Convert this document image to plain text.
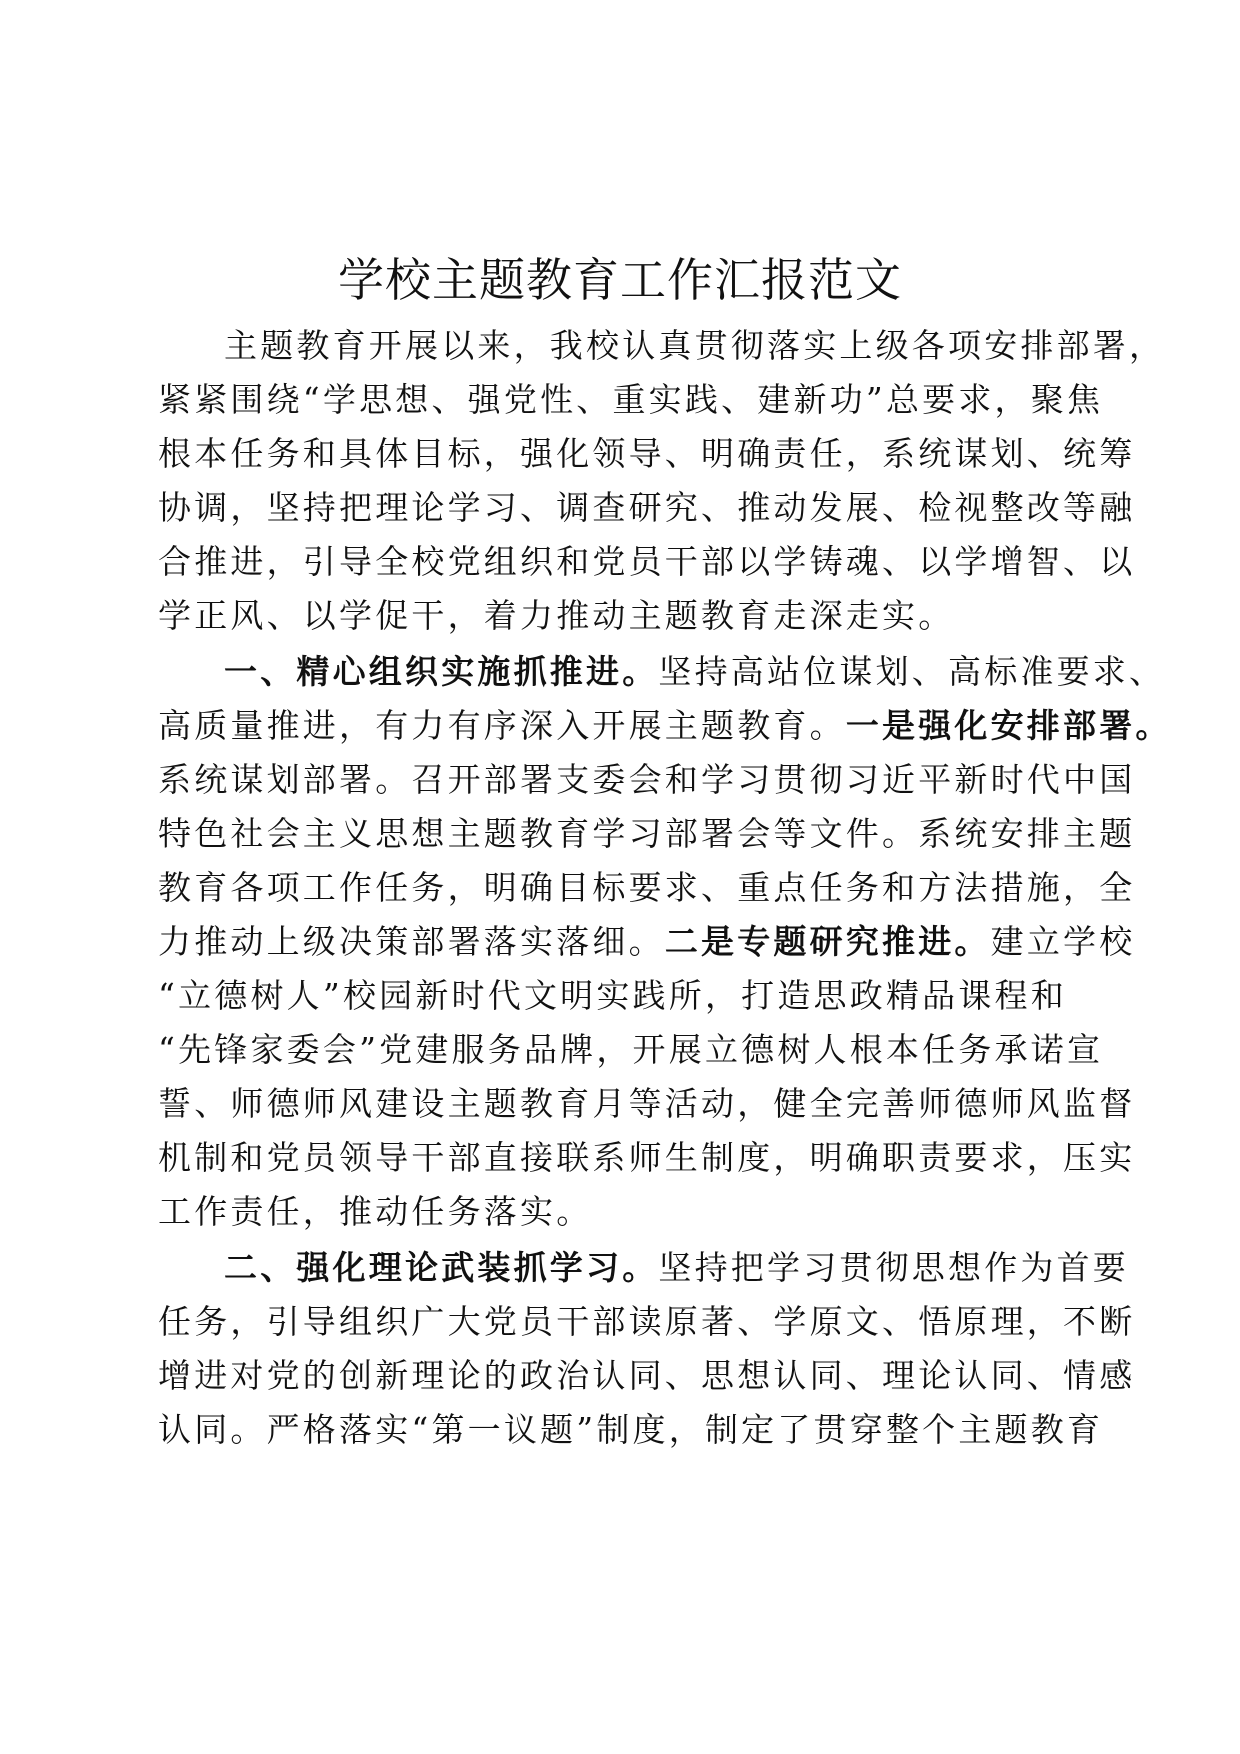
学校主题教育工作汇报范文

主题教育开展以来，我校认真贯彻落实上级各项安排部署，

紧紧围绕“学思想、强党性、重实践、建新功”总要求，聚焦

根本任务和具体目标，强化领导、明确责任，系统谋划、统筹

协调，坚持把理论学习、调查研究、推动发展、检视整改等融

合推进，引导全校党组织和党员干部以学铸魂、以学增智、以

学正风、以学促干，着力推动主题教育走深走实。

一、精心组织实施抓推进。坚持高站位谋划、高标准要求、

高质量推进，有力有序深入开展主题教育。一是强化安排部署。

系统谋划部署。召开部署支委会和学习贯彻习近平新时代中国

特色社会主义思想主题教育学习部署会等文件。系统安排主题

教育各项工作任务，明确目标要求、重点任务和方法措施，全

力推动上级决策部署落实落细。二是专题研究推进。建立学校

“立德树人”校园新时代文明实践所，打造思政精品课程和

“先锋家委会”党建服务品牌，开展立德树人根本任务承诺宣

誓、师德师风建设主题教育月等活动，健全完善师德师风监督

机制和党员领导干部直接联系师生制度，明确职责要求，压实

工作责任，推动任务落实。

二、强化理论武装抓学习。坚持把学习贯彻思想作为首要

任务，引导组织广大党员干部读原著、学原文、悟原理，不断

增进对党的创新理论的政治认同、思想认同、理论认同、情感

认同。严格落实“第一议题”制度，制定了贯穿整个主题教育
